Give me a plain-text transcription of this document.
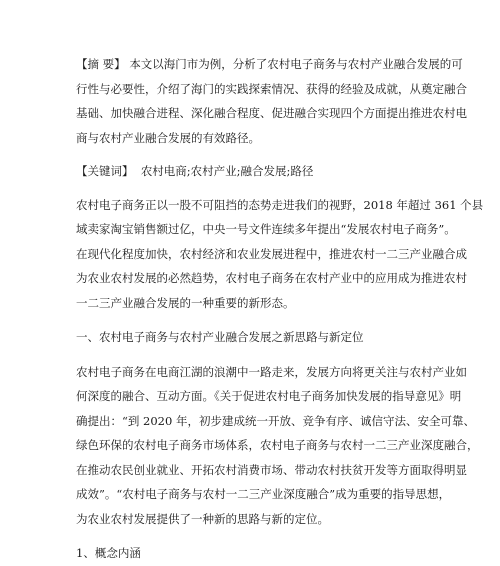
【摘 要】 本文以海门市为例，分析了农村电子商务与农村产业融合发展的可
行性与必要性，介绍了海门的实践探索情况、获得的经验及成就，从奠定融合
基础、加快融合进程、深化融合程度、促进融合实现四个方面提出推进农村电
商与农村产业融合发展的有效路径。

【关键词】 农村电商;农村产业;融合发展;路径

农村电子商务正以一股不可阻挡的态势走进我们的视野，2018 年超过 361 个县
域卖家淘宝销售额过亿，中央一号文件连续多年提出“发展农村电子商务”。
在现代化程度加快，农村经济和农业发展进程中，推进农村一二三产业融合成
为农业农村发展的必然趋势，农村电子商务在农村产业中的应用成为推进农村
一二三产业融合发展的一种重要的新形态。

一、农村电子商务与农村产业融合发展之新思路与新定位

农村电子商务在电商江湖的浪潮中一路走来，发展方向将更关注与农村产业如
何深度的融合、互动方面。《关于促进农村电子商务加快发展的指导意见》明
确提出：“到 2020 年，初步建成统一开放、竞争有序、诚信守法、安全可靠、
绿色环保的农村电子商务市场体系，农村电子商务与农村一二三产业深度融合，
在推动农民创业就业、开拓农村消费市场、带动农村扶贫开发等方面取得明显
成效”。“农村电子商务与农村一二三产业深度融合”成为重要的指导思想，
为农业农村发展提供了一种新的思路与新的定位。

1、概念内涵
